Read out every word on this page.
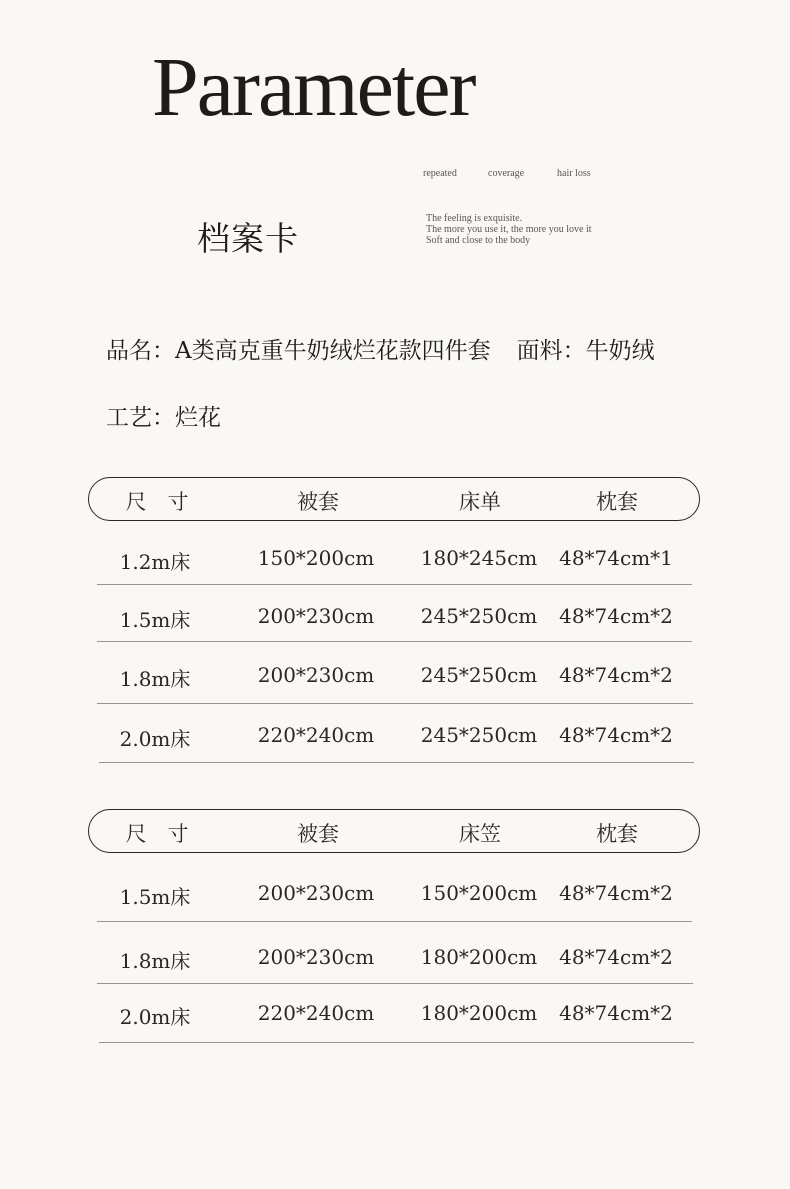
Parameter
repeated	coverage	hair loss
档案卡
The feeling is exquisite.
The more you use it, the more you love it
Soft and close to the body
品名：A类高克重牛奶绒烂花款四件套 面料：牛奶绒
工艺：烂花
尺　寸	被套	床单	枕套
1.2m床	150*200cm 180*245cm 48*74cm*1
1.5m床	200*230cm 245*250cm 48*74cm*2
1.8m床	200*230cm 245*250cm 48*74cm*2
2.0m床	220*240cm 245*250cm 48*74cm*2
尺　寸	被套	床笠	枕套
1.5m床	200*230cm 150*200cm 48*74cm*2
1.8m床	200*230cm 180*200cm 48*74cm*2
2.0m床	220*240cm 180*200cm 48*74cm*2
